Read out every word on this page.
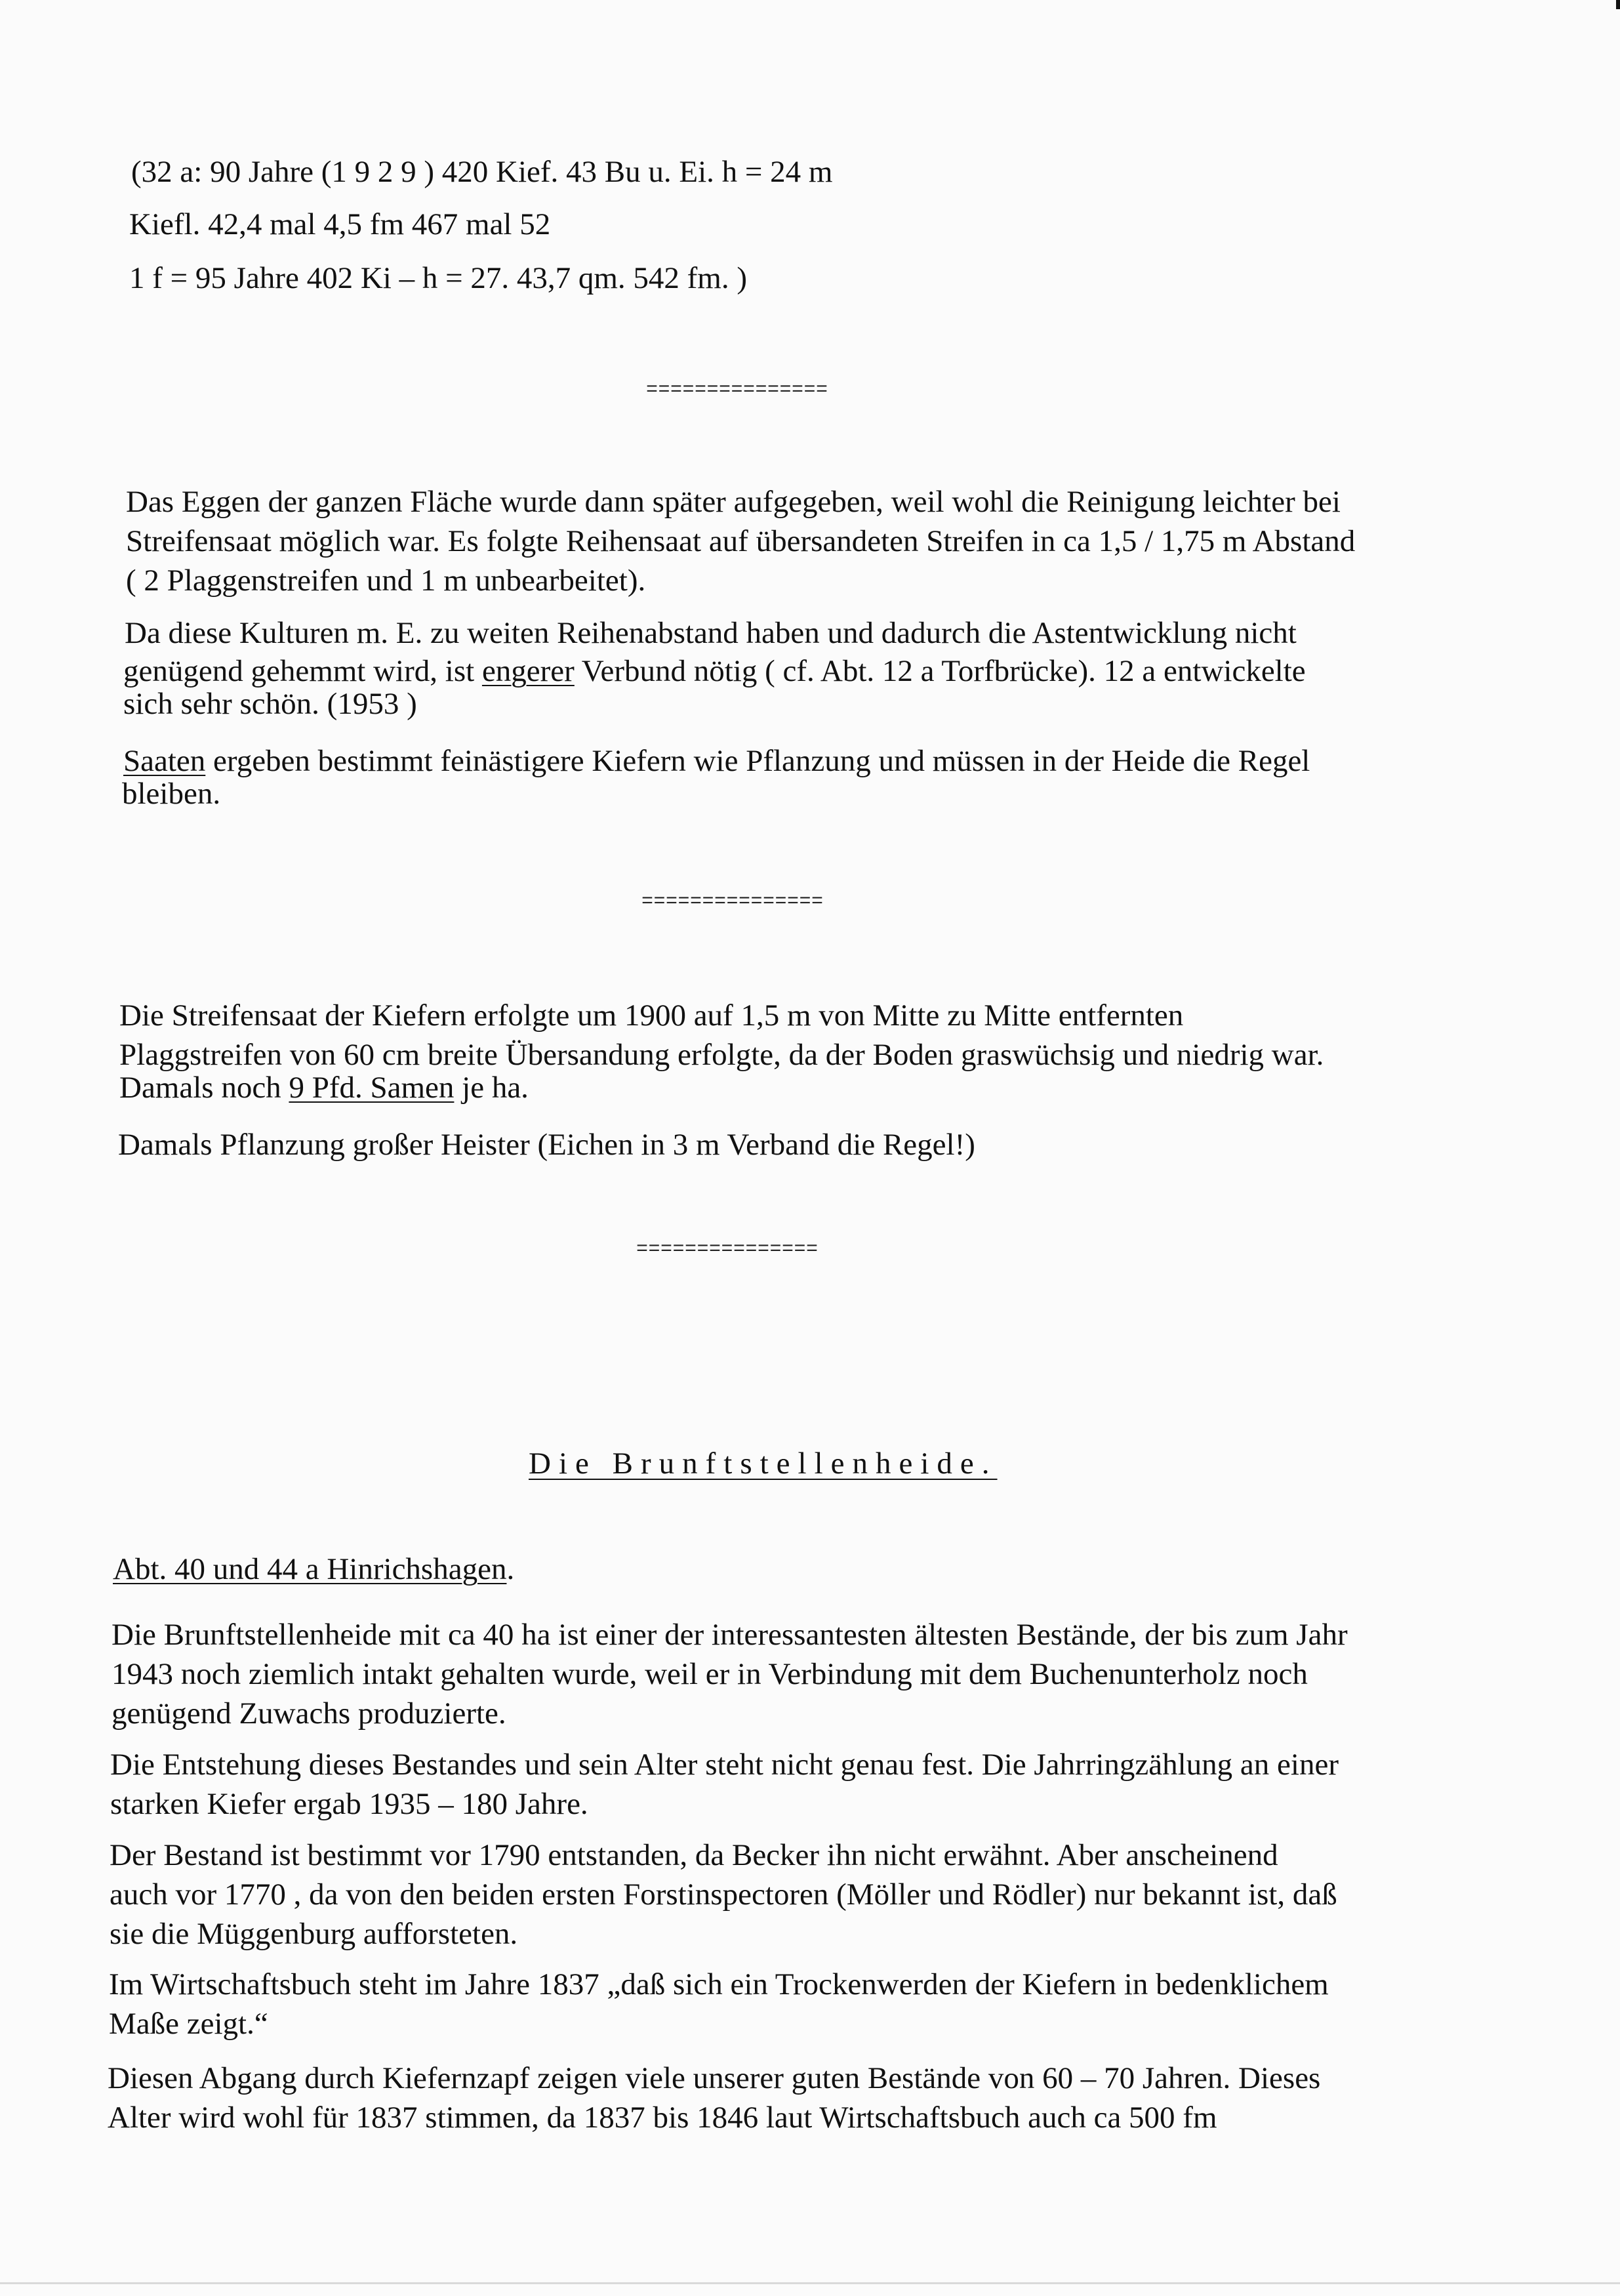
(32 a: 90 Jahre (1 9 2 9 ) 420 Kief. 43 Bu u. Ei. h = 24 m
Kiefl. 42,4 mal 4,5 fm 467 mal 52
1 f = 95 Jahre 402 Ki – h = 27. 43,7 qm. 542 fm. )
===============
Das Eggen der ganzen Fläche wurde dann später aufgegeben, weil wohl die Reinigung leichter bei
Streifensaat möglich war. Es folgte Reihensaat auf übersandeten Streifen in ca 1,5 / 1,75 m Abstand
( 2 Plaggenstreifen und 1 m unbearbeitet).
Da diese Kulturen m. E. zu weiten Reihenabstand haben und dadurch die Astentwicklung nicht
genügend gehemmt wird, ist engerer Verbund nötig ( cf. Abt. 12 a Torfbrücke). 12 a entwickelte
sich sehr schön. (1953 )
Saaten ergeben bestimmt feinästigere Kiefern wie Pflanzung und müssen in der Heide die Regel
bleiben.
===============
Die Streifensaat der Kiefern erfolgte um 1900 auf 1,5 m von Mitte zu Mitte entfernten
Plaggstreifen von 60 cm breite Übersandung erfolgte, da der Boden graswüchsig und niedrig war.
Damals noch 9 Pfd. Samen je ha.
Damals Pflanzung großer Heister (Eichen in 3 m Verband die Regel!)
===============
Die Brunftstellenheide.
Abt. 40 und 44 a Hinrichshagen.
Die Brunftstellenheide mit ca 40 ha ist einer der interessantesten ältesten Bestände, der bis zum Jahr
1943 noch ziemlich intakt gehalten wurde, weil er in Verbindung mit dem Buchenunterholz noch
genügend Zuwachs produzierte.
Die Entstehung dieses Bestandes und sein Alter steht nicht genau fest. Die Jahrringzählung an einer
starken Kiefer ergab 1935 – 180 Jahre.
Der Bestand ist bestimmt vor 1790 entstanden, da Becker ihn nicht erwähnt. Aber anscheinend
auch vor 1770 , da von den beiden ersten Forstinspectoren (Möller und Rödler) nur bekannt ist, daß
sie die Müggenburg aufforsteten.
Im Wirtschaftsbuch steht im Jahre 1837 „daß sich ein Trockenwerden der Kiefern in bedenklichem
Maße zeigt.“
Diesen Abgang durch Kiefernzapf zeigen viele unserer guten Bestände von 60 – 70 Jahren. Dieses
Alter wird wohl für 1837 stimmen, da 1837 bis 1846 laut Wirtschaftsbuch auch ca 500 fm
